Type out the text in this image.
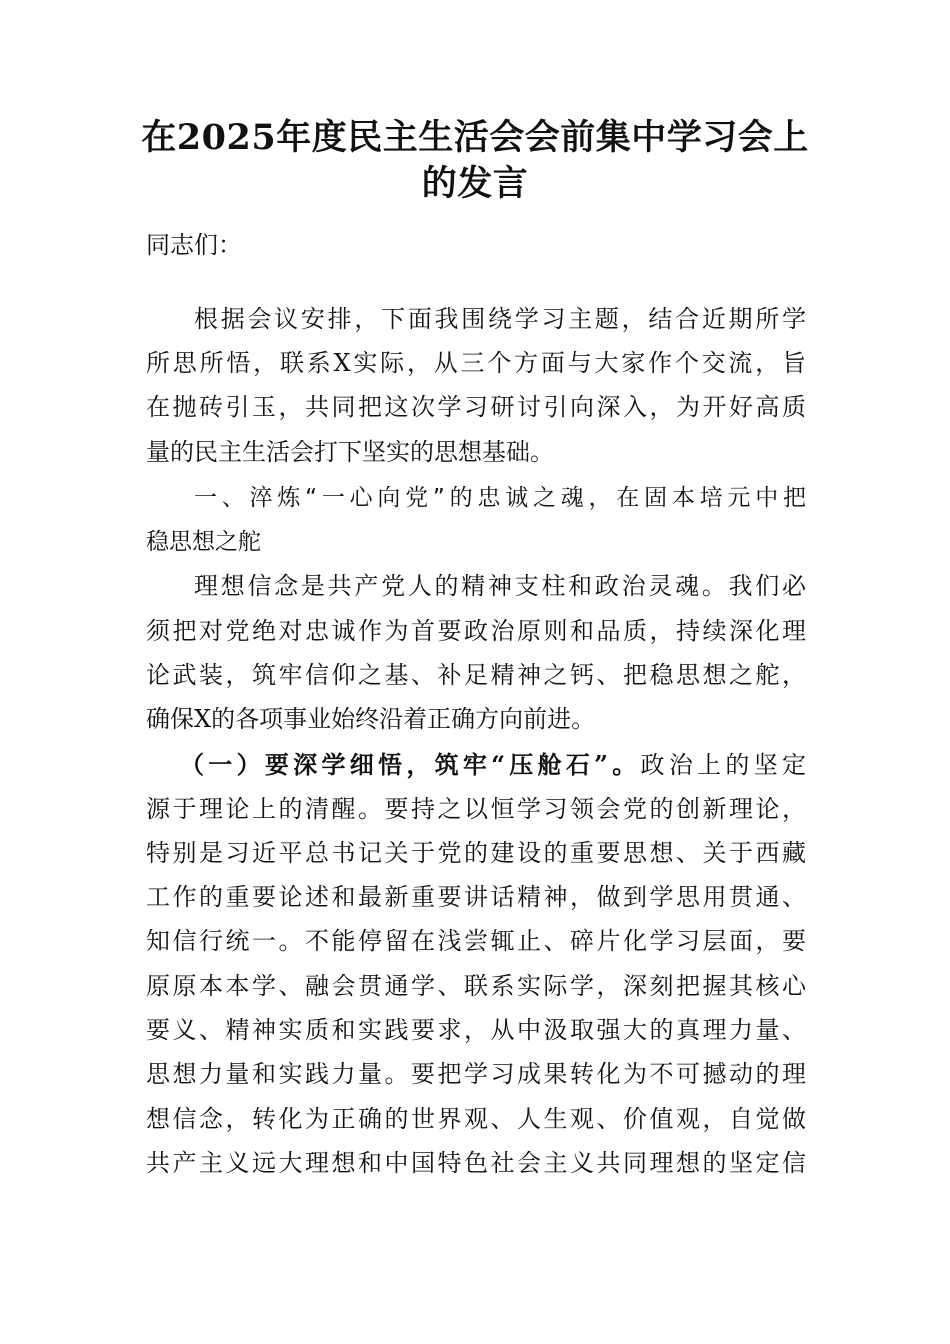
在2025年度民主生活会会前集中学习会上
的发言
同志们：
根据会议安排，下面我围绕学习主题，结合近期所学
所思所悟，联系X实际，从三个方面与大家作个交流，旨
在抛砖引玉，共同把这次学习研讨引向深入，为开好高质
量的民主生活会打下坚实的思想基础。
一、淬炼“一心向党”的忠诚之魂，在固本培元中把
稳思想之舵
理想信念是共产党人的精神支柱和政治灵魂。我们必
须把对党绝对忠诚作为首要政治原则和品质，持续深化理
论武装，筑牢信仰之基、补足精神之钙、把稳思想之舵，
确保X的各项事业始终沿着正确方向前进。
（一）要深学细悟，筑牢“压舱石”。政治上的坚定
源于理论上的清醒。要持之以恒学习领会党的创新理论，
特别是习近平总书记关于党的建设的重要思想、关于西藏
工作的重要论述和最新重要讲话精神，做到学思用贯通、
知信行统一。不能停留在浅尝辄止、碎片化学习层面，要
原原本本学、融会贯通学、联系实际学，深刻把握其核心
要义、精神实质和实践要求，从中汲取强大的真理力量、
思想力量和实践力量。要把学习成果转化为不可撼动的理
想信念，转化为正确的世界观、人生观、价值观，自觉做
共产主义远大理想和中国特色社会主义共同理想的坚定信
